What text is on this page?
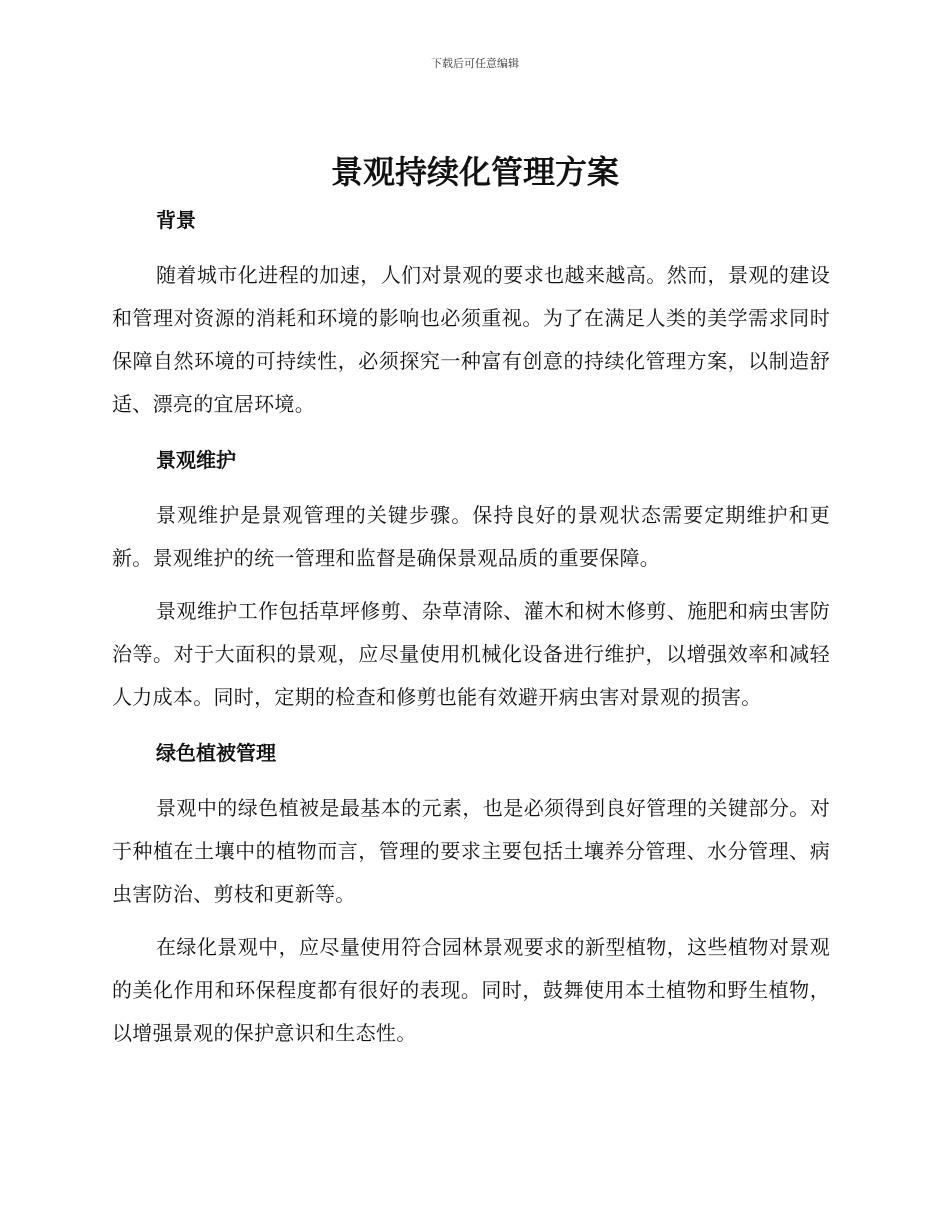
下载后可任意编辑
景观持续化管理方案
背景

随着城市化进程的加速，人们对景观的要求也越来越高。然而，景观的建设和管理对资源的消耗和环境的影响也必须重视。为了在满足人类的美学需求同时保障自然环境的可持续性，必须探究一种富有创意的持续化管理方案，以制造舒适、漂亮的宜居环境。

景观维护

景观维护是景观管理的关键步骤。保持良好的景观状态需要定期维护和更新。景观维护的统一管理和监督是确保景观品质的重要保障。

景观维护工作包括草坪修剪、杂草清除、灌木和树木修剪、施肥和病虫害防治等。对于大面积的景观，应尽量使用机械化设备进行维护，以增强效率和减轻人力成本。同时，定期的检查和修剪也能有效避开病虫害对景观的损害。

绿色植被管理

景观中的绿色植被是最基本的元素，也是必须得到良好管理的关键部分。对于种植在土壤中的植物而言，管理的要求主要包括土壤养分管理、水分管理、病虫害防治、剪枝和更新等。

在绿化景观中，应尽量使用符合园林景观要求的新型植物，这些植物对景观的美化作用和环保程度都有很好的表现。同时，鼓舞使用本土植物和野生植物，以增强景观的保护意识和生态性。
